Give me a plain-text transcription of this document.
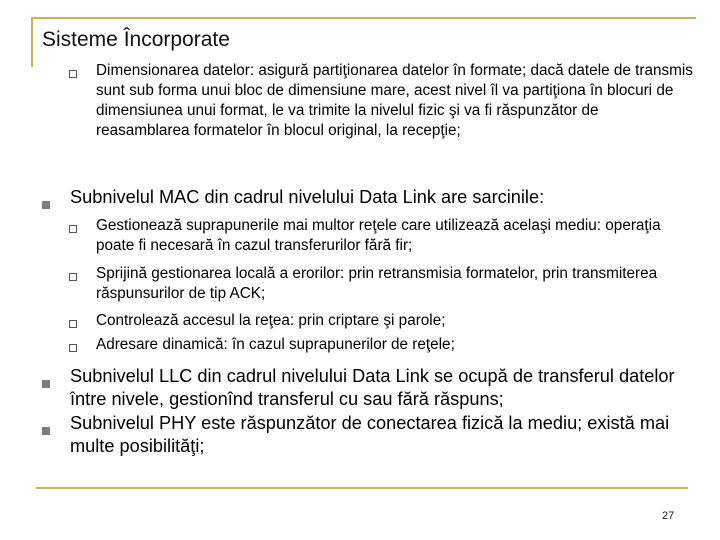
Sisteme Încorporate

Dimensionarea datelor: asigură partiţionarea datelor în formate; dacă datele de transmis sunt sub forma unui bloc de dimensiune mare, acest nivel îl va partiţiona în blocuri de dimensiunea unui format, le va trimite la nivelul fizic şi va fi răspunzător de reasamblarea formatelor în blocul original, la recepţie;

Subnivelul MAC din cadrul nivelului Data Link are sarcinile:

Gestionează suprapunerile mai multor reţele care utilizează acelaşi mediu: operaţia poate fi necesară în cazul transferurilor fără fir;

Sprijină gestionarea locală a erorilor: prin retransmisia formatelor, prin transmiterea răspunsurilor de tip ACK;

Controlează accesul la reţea: prin criptare şi parole;

Adresare dinamică: în cazul suprapunerilor de reţele;

Subnivelul LLC din cadrul nivelului Data Link se ocupă de transferul datelor între nivele, gestionînd transferul cu sau fără răspuns;

Subnivelul PHY este răspunzător de conectarea fizică la mediu; există mai multe posibilităţi;

27
